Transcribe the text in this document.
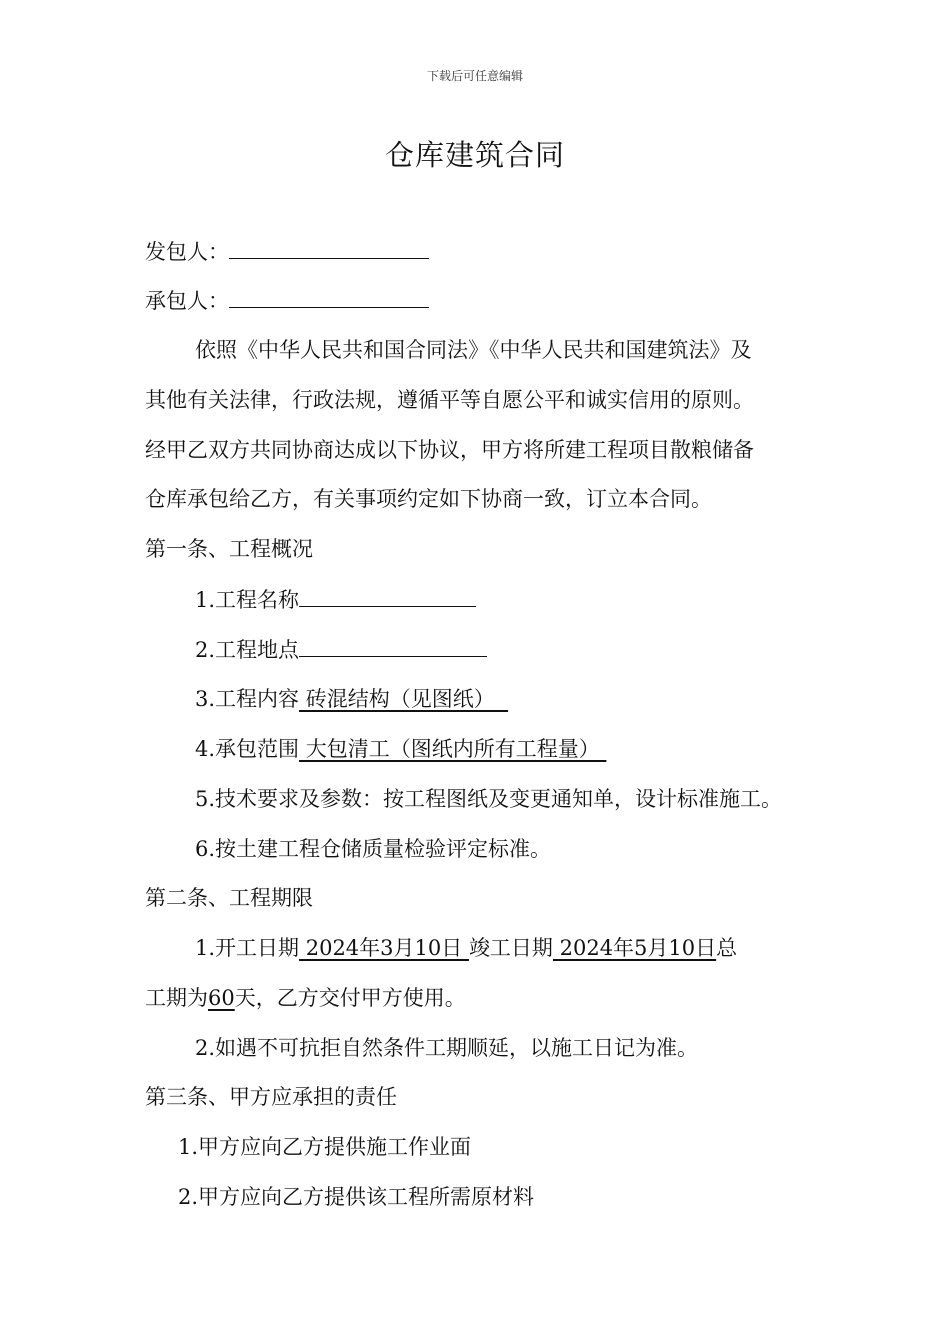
下载后可任意编辑
仓库建筑合同
发包人：
承包人：
依照《中华人民共和国合同法》《中华人民共和国建筑法》及
其他有关法律，行政法规，遵循平等自愿公平和诚实信用的原则。
经甲乙双方共同协商达成以下协议，甲方将所建工程项目散粮储备
仓库承包给乙方，有关事项约定如下协商一致，订立本合同。
第一条、工程概况
1.工程名称
2.工程地点
3.工程内容 砖混结构（见图纸）
4.承包范围 大包清工（图纸内所有工程量）
5.技术要求及参数：按工程图纸及变更通知单，设计标准施工。
6.按土建工程仓储质量检验评定标准。
第二条、工程期限
1.开工日期 2024年3月10日 竣工日期 2024年5月10日总
工期为60天，乙方交付甲方使用。
2.如遇不可抗拒自然条件工期顺延，以施工日记为准。
第三条、甲方应承担的责任
1.甲方应向乙方提供施工作业面
2.甲方应向乙方提供该工程所需原材料
